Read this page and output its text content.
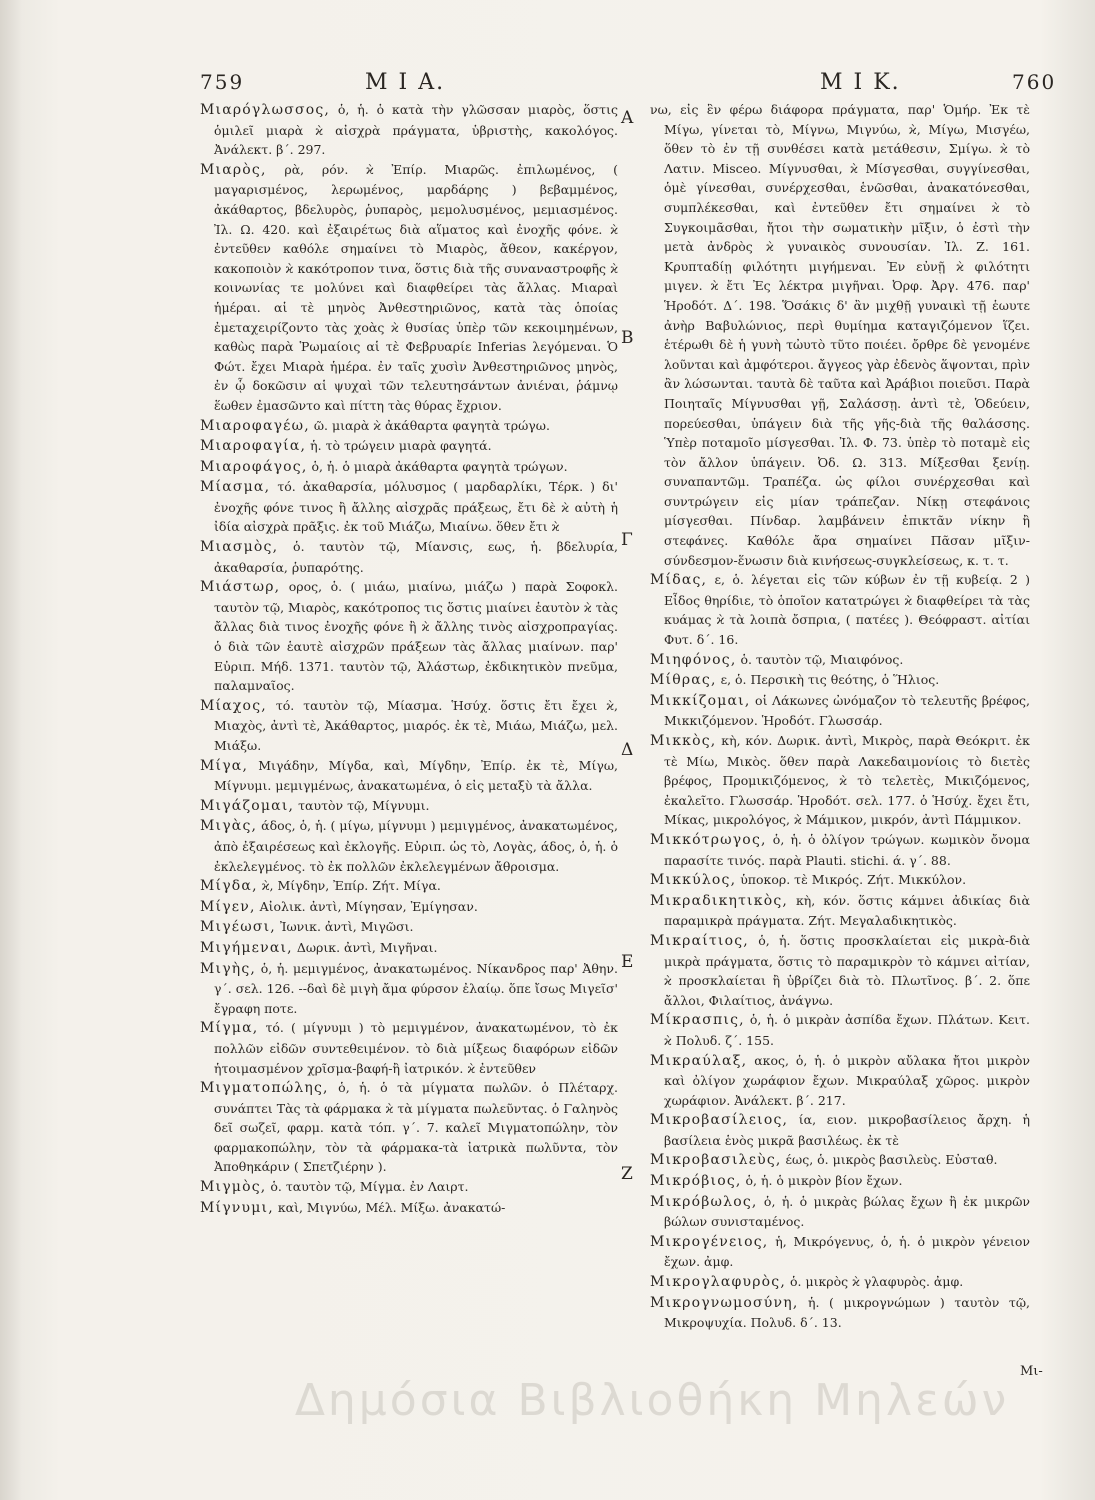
759	Μ Ι Α.	Μ Ι Κ.	760

Μιαρόγλωσσος, ὁ, ἡ. ὁ κατὰ τὴν γλῶσσαν μιαρὸς, ὅστις ὁμιλεῖ μιαρὰ ϰ̀ αἰσχρὰ πράγματα, ὑβριστὴς, κακολόγος. Ἀνάλεκτ. β΄. 297.

Μιαρὸς, ρὰ, ρόν. ϰ̀ Ἐπίρ. Μιαρῶς. ἐπιλωμένος, ( μαγαρισμένος, λερωμένος, μαρδάρης ) βεβαμμένος, ἀκάθαρτος, βδελυρὸς, ῥυπαρὸς, μεμολυσμένος, μεμιασμένος. Ἰλ. Ω. 420. καὶ ἐξαιρέτως διὰ αἵματος καὶ ἐνοχῆς φόνε. ϰ̀ ἐντεῦθεν καθόλε σημαίνει τὸ Μιαρὸς, ἄθεον, κακέργον, κακοποιὸν ϰ̀ κακότροπον τινα, ὅστις διὰ τῆς συναναστροφῆς ϰ̀ κοινωνίας τε μολύνει καὶ διαφθείρει τὰς ἄλλας. Μιαραὶ ἡμέραι. αἱ τὲ μηνὸς Ἀνθεστηριῶνος, κατὰ τὰς ὁποίας ἐμεταχειρίζοντο τὰς χοὰς ϰ̀ θυσίας ὑπὲρ τῶν κεκοιμημένων, καθὼς παρὰ Ῥωμαίοις αἱ τὲ Φεβρυαρίε Inferias λεγόμεναι. Ὁ Φώτ. ἔχει Μιαρὰ ἡμέρα. ἐν ταῖς χυσὶν Ἀνθεστηριῶνος μηνὸς, ἐν ᾧ δοκῶσιν αἱ ψυχαὶ τῶν τελευτησάντων ἀνιέναι, ῥάμνῳ ἕωθεν ἐμασῶντο καὶ πίττη τὰς θύρας ἔχριον.

Μιαροφαγέω, ῶ. μιαρὰ ϰ̀ ἀκάθαρτα φαγητὰ τρώγω.

Μιαροφαγία, ἡ. τὸ τρώγειν μιαρὰ φαγητά.

Μιαροφάγος, ὁ, ἡ. ὁ μιαρὰ ἀκάθαρτα φαγητὰ τρώγων.

Μίασμα, τό. ἀκαθαρσία, μόλυσμος ( μαρδαρλίκι, Τέρκ. ) δι' ἐνοχῆς φόνε τινος ἢ ἄλλης αἰσχρᾶς πράξεως, ἔτι δὲ ϰ̀ αὐτὴ ἡ ἰδία αἰσχρὰ πρᾶξις. ἐκ τοῦ Μιάζω, Μιαίνω. ὅθεν ἔτι ϰ̀

Μιασμὸς, ὁ. ταυτὸν τῷ, Μίανσις, εως, ἡ. βδελυρία, ἀκαθαρσία, ῥυπαρότης.

Μιάστωρ, ορος, ὁ. ( μιάω, μιαίνω, μιάζω ) παρὰ Σοφοκλ. ταυτὸν τῷ, Μιαρὸς, κακότροπος τις ὅστις μιαίνει ἑαυτὸν ϰ̀ τὰς ἄλλας διὰ τινος ἐνοχῆς φόνε ἢ ϰ̀ ἄλλης τινὸς αἰσχροπραγίας. ὁ διὰ τῶν ἑαυτὲ αἰσχρῶν πράξεων τὰς ἄλλας μιαίνων. παρ' Εὐριπ. Μήδ. 1371. ταυτὸν τῷ, Ἀλάστωρ, ἐκδικητικὸν πνεῦμα, παλαμναῖος.

Μίαχος, τό. ταυτὸν τῷ, Μίασμα. Ἡσύχ. ὅστις ἔτι ἔχει ϰ̀, Μιαχὸς, ἀντὶ τὲ, Ἀκάθαρτος, μιαρός. ἐκ τὲ, Μιάω, Μιάζω, μελ. Μιάξω.

Μίγα, Μιγάδην, Μίγδα, καὶ, Μίγδην, Ἐπίρ. ἐκ τὲ, Μίγω, Μίγνυμι. μεμιγμένως, ἀνακατωμένα, ὁ εἰς μεταξὺ τὰ ἄλλα.

Μιγάζομαι, ταυτὸν τῷ, Μίγνυμι.

Μιγὰς, άδος, ὁ, ἡ. ( μίγω, μίγνυμι ) μεμιγμένος, ἀνακατωμένος, ἀπὸ ἐξαιρέσεως καὶ ἐκλογῆς. Εὐριπ. ὡς τὸ, Λογὰς, άδος, ὁ, ἡ. ὁ ἐκλελεγμένος. τὸ ἐκ πολλῶν ἐκλελεγμένων ἄθροισμα.

Μίγδα, ϰ̀, Μίγδην, Ἐπίρ. Ζήτ. Μίγα.

Μίγεν, Αἰολικ. ἀντὶ, Μίγησαν, Ἐμίγησαν.

Μιγέωσι, Ἰωνικ. ἀντὶ, Μιγῶσι.

Μιγήμεναι, Δωρικ. ἀντὶ, Μιγῆναι.

Μιγὴς, ὁ, ἡ. μεμιγμένος, ἀνακατωμένος. Νίκανδρος παρ' Ἀθην. γ΄. σελ. 126. --δαὶ δὲ μιγὴ ἄμα φύρσον ἐλαίῳ. ὅπε ἴσως Μιγεῖσ' ἔγραφη ποτε.

Μίγμα, τό. ( μίγνυμι ) τὸ μεμιγμένον, ἀνακατωμένον, τὸ ἐκ πολλῶν εἰδῶν συντεθειμένον. τὸ διὰ μίξεως διαφόρων εἰδῶν ἡτοιμασμένον χρῖσμα-βαφή-ἢ ἰατρικόν. ϰ̀ ἐντεῦθεν

Μιγματοπώλης, ὁ, ἡ. ὁ τὰ μίγματα πωλῶν. ὁ Πλέταρχ. συνάπτει Τὰς τὰ φάρμακα ϰ̀ τὰ μίγματα πωλεῦντας. ὁ Γαληνὸς δεῖ σωζεῖ, φαρμ. κατὰ τόπ. γ΄. 7. καλεῖ Μιγματοπώλην, τὸν φαρμακοπώλην, τὸν τὰ φάρμακα-τὰ ἰατρικὰ πωλῦντα, τὸν Ἀποθηκάριν ( Σπετζιέρην ).

Μιγμὸς, ὁ. ταυτὸν τῷ, Μίγμα. ἐν Λαιρτ.

Μίγνυμι, καὶ, Μιγνύω, Μέλ. Μίξω. ἀνακατώ-

Α
Β
Γ
Δ
Ε
Ζ

νω, εἰς ἓν φέρω διάφορα πράγματα, παρ' Ὁμήρ. Ἐκ τὲ Μίγω, γίνεται τὸ, Μίγνω, Μιγνύω, ϰ̀, Μίγω, Μισγέω, ὅθεν τὸ ἐν τῇ συνθέσει κατὰ μετάθεσιν, Σμίγω. ϰ̀ τὸ Λατιν. Misceo. Μίγνυσθαι, ϰ̀ Μίσγεσθαι, συγγίνεσθαι, ὁμὲ γίνεσθαι, συνέρχεσθαι, ἑνῶσθαι, ἀνακατόνεσθαι, συμπλέκεσθαι, καὶ ἐντεῦθεν ἔτι σημαίνει ϰ̀ τὸ Συγκοιμᾶσθαι, ἤτοι τὴν σωματικὴν μῖξιν, ὁ ἐστὶ τὴν μετὰ ἀνδρὸς ϰ̀ γυναικὸς συνουσίαν. Ἰλ. Ζ. 161. Κρυπταδίῃ φιλότητι μιγήμεναι. Ἐν εὐνῇ ϰ̀ φιλότητι μιγεν. ϰ̀ ἔτι Ἐς λέκτρα μιγῆναι. Ὀρφ. Ἀργ. 476. παρ' Ἡροδότ. Δ΄. 198. Ὅσάκις δ' ἂν μιχθῇ γυναικὶ τῇ ἑωυτε ἀνὴρ Βαβυλώνιος, περὶ θυμίημα καταγιζόμενον ἵζει. ἑτέρωθι δὲ ἡ γυνὴ τὠυτὸ τῦτο ποιέει. ὄρθρε δὲ γενομένε λοῦνται καὶ ἀμφότεροι. ἄγγεος γὰρ ἐδενὸς ἅψονται, πρὶν ἂν λώσωνται. ταυτὰ δὲ ταῦτα καὶ Ἀράβιοι ποιεῦσι. Παρὰ Ποιηταῖς Μίγνυσθαι γῇ, Σαλάσσῃ. ἀντὶ τὲ, Ὁδεύειν, πορεύεσθαι, ὑπάγειν διὰ τῆς γῆς-διὰ τῆς θαλάσσης. Ὑπὲρ ποταμοῖο μίσγεσθαι. Ἰλ. Φ. 73. ὑπὲρ τὸ ποταμὲ εἰς τὸν ἄλλον ὑπάγειν. Ὀδ. Ω. 313. Μίξεσθαι ξενίῃ. συναπαντῶμ. Τραπέζα. ὡς φίλοι συνέρχεσθαι καὶ συντρώγειν εἰς μίαν τράπεζαν. Νίκῃ στεφάνοις μίσγεσθαι. Πίνδαρ. λαμβάνειν ἐπικτᾶν νίκην ἢ στεφάνες. Καθόλε ἄρα σημαίνει Πᾶσαν μῖξιν-σύνδεσμον-ἕνωσιν διὰ κινήσεως-συγκλείσεως, κ. τ. τ.

Μίδας, ε, ὁ. λέγεται εἰς τῶν κύβων ἐν τῇ κυβείᾳ. 2 ) Εἶδος θηρίδιε, τὸ ὁποῖον κατατρώγει ϰ̀ διαφθείρει τὰ τὰς κυάμας ϰ̀ τὰ λοιπὰ ὄσπρια, ( πατέες ). Θεόφραστ. αἰτίαι Φυτ. δ΄. 16.

Μιηφόνος, ὁ. ταυτὸν τῷ, Μιαιφόνος.

Μίθρας, ε, ὁ. Περσικὴ τις θεότης, ὁ Ἥλιος.

Μικκίζομαι, οἱ Λάκωνες ὠνόμαζον τὸ τελευτῆς βρέφος, Μικκιζόμενον. Ἡροδότ. Γλωσσάρ.

Μικκὸς, κὴ, κόν. Δωρικ. ἀντὶ, Μικρὸς, παρὰ Θεόκριτ. ἐκ τὲ Μίω, Μικὸς. ὅθεν παρὰ Λακεδαιμονίοις τὸ διετὲς βρέφος, Προμικιζόμενος, ϰ̀ τὸ τελετὲς, Μικιζόμενος, ἐκαλεῖτο. Γλωσσάρ. Ἡροδότ. σελ. 177. ὁ Ἡσύχ. ἔχει ἔτι, Μίκας, μικρολόγος, ϰ̀ Μάμικον, μικρόν, ἀντὶ Πάμμικον.

Μικκότρωγος, ὁ, ἡ. ὁ ὀλίγον τρώγων. κωμικὸν ὄνομα παρασίτε τινός. παρὰ Plauti. stichi. ά. γ΄. 88.

Μικκύλος, ὑποκορ. τὲ Μικρός. Ζήτ. Μικκύλον.

Μικραδικητικὸς, κὴ, κόν. ὅστις κάμνει ἀδικίας διὰ παραμικρὰ πράγματα. Ζήτ. Μεγαλαδικητικὸς.

Μικραίτιος, ὁ, ἡ. ὅστις προσκλαίεται εἰς μικρὰ-διὰ μικρὰ πράγματα, ὅστις τὸ παραμικρὸν τὸ κάμνει αἰτίαν, ϰ̀ προσκλαίεται ἢ ὑβρίζει διὰ τὸ. Πλωτῖνος. β΄. 2. ὅπε ἄλλοι, Φιλαίτιος, ἀνάγνω.

Μίκρασπις, ὁ, ἡ. ὁ μικρὰν ἀσπίδα ἔχων. Πλάτων. Κειτ. ϰ̀ Πολυδ. ζ΄. 155.

Μικραύλαξ, ακος, ὁ, ἡ. ὁ μικρὸν αὔλακα ἤτοι μικρὸν καὶ ὀλίγον χωράφιον ἔχων. Μικραύλαξ χῶρος. μικρὸν χωράφιον. Ἀνάλεκτ. β΄. 217.

Μικροβασίλειος, ία, ειον. μικροβασίλειος ἄρχη. ἡ βασίλεια ἑνὸς μικρᾶ βασιλέως. ἐκ τὲ

Μικροβασιλεὺς, έως, ὁ. μικρὸς βασιλεὺς. Εὐσταθ.

Μικρόβιος, ὁ, ἡ. ὁ μικρὸν βίον ἔχων.

Μικρόβωλος, ὁ, ἡ. ὁ μικρὰς βώλας ἔχων ἢ ἐκ μικρῶν βώλων συνισταμένος.

Μικρογένειος, ἡ, Μικρόγενυς, ὁ, ἡ. ὁ μικρὸν γένειον ἔχων. ἀμφ.

Μικρογλαφυρὸς, ὁ. μικρὸς ϰ̀ γλαφυρὸς. ἀμφ.

Μικρογνωμοσύνη, ἡ. ( μικρογνώμων ) ταυτὸν τῷ, Μικροψυχία. Πολυδ. δ΄. 13.

Μι-
Δημόσια Βιβλιοθήκη Μηλεών
